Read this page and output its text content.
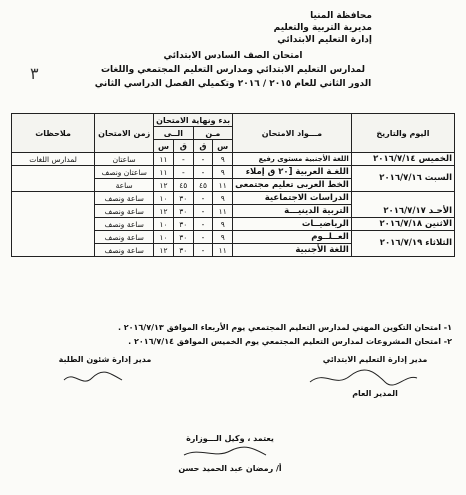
محافظة المنيا
مديرية التربية والتعليم
إدارة التعليم الابتدائي
٣
امتحان الصف السادس الابتدائي
لمدارس التعليم الابتدائي ومدارس التعليم المجتمعي واللغات
الدور الثاني للعام ٢٠١٥ / ٢٠١٦ وتكميلي الفصل الدراسي الثاني
اليوم والتاريخ	مـــواد الامتحان	بدء ونهاية الامتحان				زمن الامتحان	ملاحظات
		مـن		الــى			
		س	ق	ق	س		
الخميس ٢٠١٦/٧/١٤	اللغة الأجنبية مستوى رفيع	٩	-	-	١١	ساعتان	لمدارس اللغات
السبت ٢٠١٦/٧/١٦	اللغـة العربية [٢٠ ق إملاء	٩	-	-	١١	ساعتان ونصف	
	الخط العربى تعليم مجتمعى	١١	٤٥	٤٥	١٢	ساعة	
الأحـد ٢٠١٦/٧/١٧	الدراسات الاجتماعية	٩	-	٣٠	١٠	ساعة ونصف	
	التربية الدينيـــة	١١	-	٣٠	١٢	ساعة ونصف	
الاثنين ٢٠١٦/٧/١٨	الرياضيــات	٩	-	٣٠	١٠	ساعة ونصف	
الثلاثاء ٢٠١٦/٧/١٩	العــلــوم	٩	-	٣٠	١٠	ساعة ونصف	
	اللغة الأجنبية	١١	-	٣٠	١٢	ساعة ونصف	
١- امتحان التكوين المهني لمدارس التعليم المجتمعي يوم الأربعاء الموافق ٢٠١٦/٧/١٣ .
٢- امتحان المشروعات لمدارس التعليم المجتمعي يوم الخميس الموافق ٢٠١٦/٧/١٤ .
مدير إدارة التعليم الابتدائي
المدير العام
مدير إدارة شئون الطلبة
يعتمد ، وكيل الـــوزارة
أ/ رمضان عبد الحميد حسن
